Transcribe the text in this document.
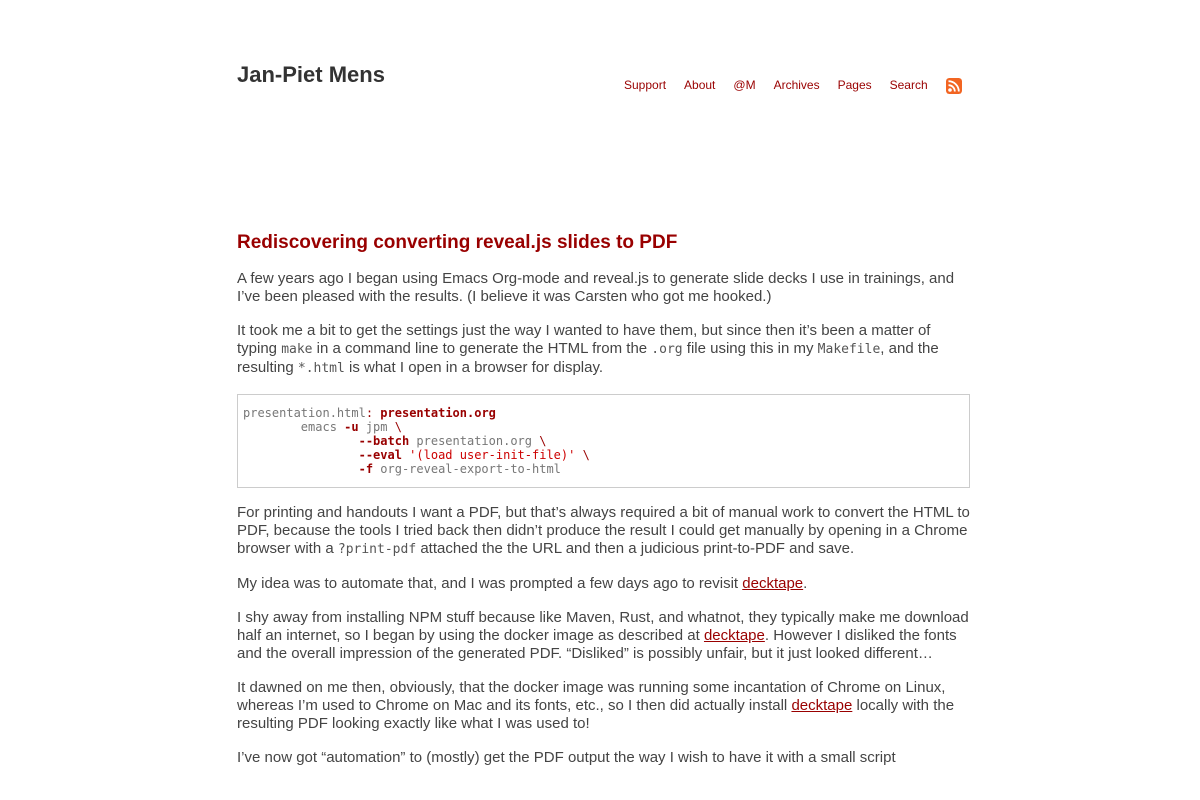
Jan-Piet Mens	Support About @M Archives Pages Search
Rediscovering converting reveal.js slides to PDF

A few years ago I began using Emacs Org-mode and reveal.js to generate slide decks I use in trainings, and I’ve been pleased with the results. (I believe it was Carsten who got me hooked.)

It took me a bit to get the settings just the way I wanted to have them, but since then it’s been a matter of typing make in a command line to generate the HTML from the .org file using this in my Makefile, and the resulting *.html is what I open in a browser for display.

presentation.html: presentation.org
emacs -u jpm \
--batch presentation.org \
--eval '(load user-init-file)' \
-f org-reveal-export-to-html

For printing and handouts I want a PDF, but that’s always required a bit of manual work to convert the HTML to PDF, because the tools I tried back then didn’t produce the result I could get manually by opening in a Chrome browser with a ?print-pdf attached the the URL and then a judicious print-to-PDF and save.

My idea was to automate that, and I was prompted a few days ago to revisit decktape.

I shy away from installing NPM stuff because like Maven, Rust, and whatnot, they typically make me download half an internet, so I began by using the docker image as described at decktape. However I disliked the fonts and the overall impression of the generated PDF. “Disliked” is possibly unfair, but it just looked different…

It dawned on me then, obviously, that the docker image was running some incantation of Chrome on Linux, whereas I’m used to Chrome on Mac and its fonts, etc., so I then did actually install decktape locally with the resulting PDF looking exactly like what I was used to!

I’ve now got “automation” to (mostly) get the PDF output the way I wish to have it with a small script
